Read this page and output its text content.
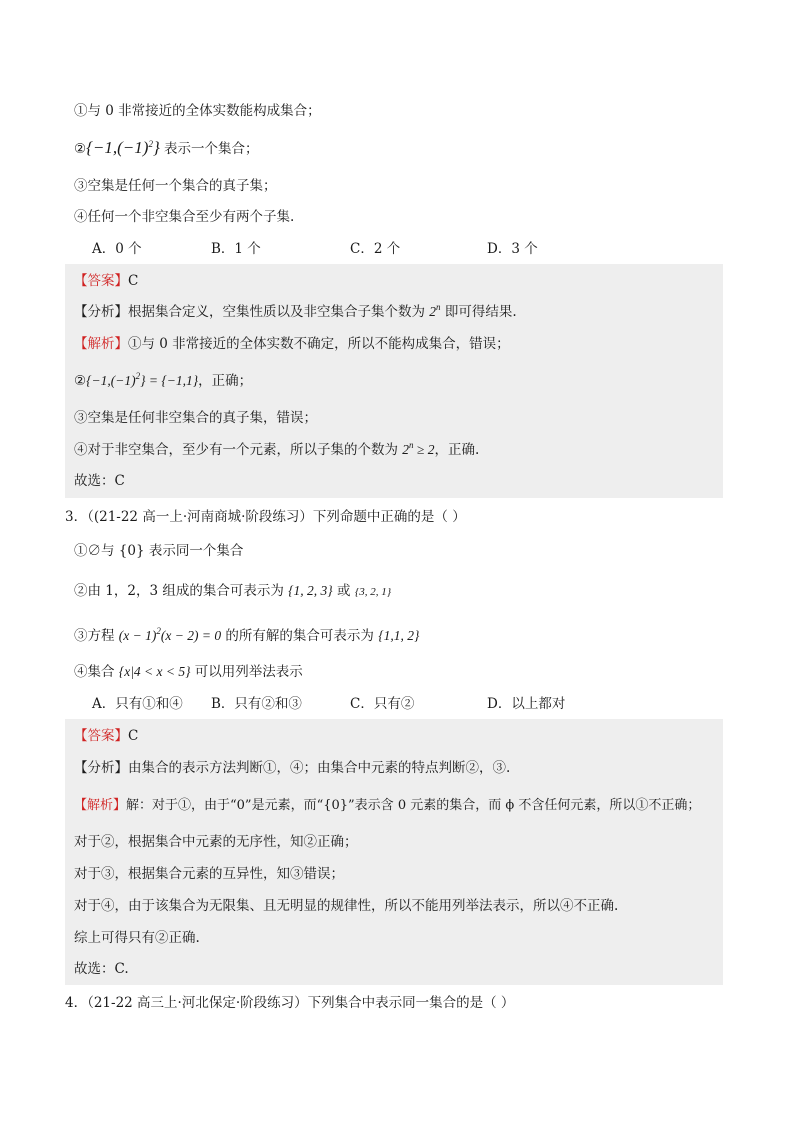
①与 0 非常接近的全体实数能构成集合；
$②\{-1,(-1)^2\}$ 表示一个集合；
③空集是任何一个集合的真子集；
④任何一个非空集合至少有两个子集.
A．0 个	B．1 个	C．2 个	D．3 个
【答案】C
【分析】根据集合定义，空集性质以及非空集合子集个数为 2$^n$ 即可得结果.
【解析】①与 0 非常接近的全体实数不确定，所以不能构成集合，错误；
$②\{-1,(-1)^2\} = \{-1,1\}$，正确；
③空集是任何非空集合的真子集，错误；
④对于非空集合，至少有一个元素，所以子集的个数为 $2^n \ge 2$，正确.
故选：C
3．（(21-22 高一上·河南商城·阶段练习）下列命题中正确的是（ ）
①∅与 {0} 表示同一个集合
②由 1，2，3 组成的集合可表示为 {1, 2, 3} 或 {3, 2, 1}
③方程 $(x - 1)^2(x - 2) = 0$ 的所有解的集合可表示为 {1,1, 2}
④集合 {x|4 < x < 5} 可以用列举法表示
A．只有①和④ B．只有②和③	C．只有②	D．以上都对
【答案】C
【分析】由集合的表示方法判断①，④；由集合中元素的特点判断②，③.
【解析】解：对于①，由于“0”是元素，而“{0}”表示含 0 元素的集合，而 ϕ 不含任何元素，所以①不正确；
对于②，根据集合中元素的无序性，知②正确；
对于③，根据集合元素的互异性，知③错误；
对于④，由于该集合为无限集、且无明显的规律性，所以不能用列举法表示，所以④不正确.
综上可得只有②正确.
故选：C.
4．（21-22 高三上·河北保定·阶段练习）下列集合中表示同一集合的是（ ）
